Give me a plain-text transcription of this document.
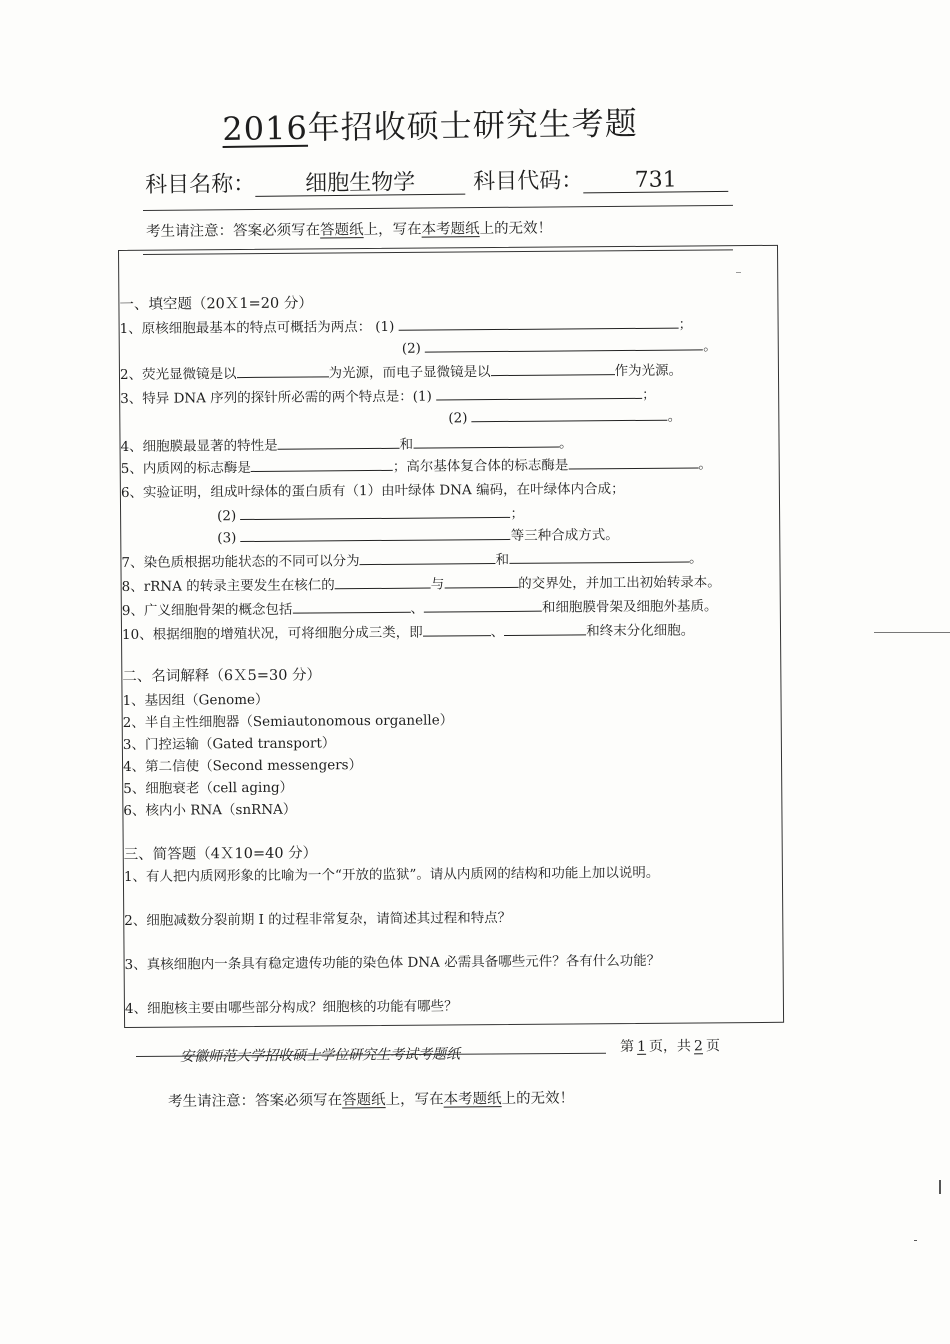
2016年招收硕士研究生考题
科目名称： 细胞生物学	科目代码： 731
考生请注意：答案必须写在答题纸上，写在本考题纸上的无效！
一、填空题（20Ｘ1=20 分）
1、原核细胞最基本的特点可概括为两点： (1)	；
(2)	。
2、荧光显微镜是以	为光源，而电子显微镜是以	作为光源。
3、特异 DNA 序列的探针所必需的两个特点是：(1)	；
(2)	。
4、细胞膜最显著的特性是	和	。
5、内质网的标志酶是	；高尔基体复合体的标志酶是	。
6、实验证明，组成叶绿体的蛋白质有（1）由叶绿体 DNA 编码，在叶绿体内合成；
(2)	；
(3)	等三种合成方式。
7、染色质根据功能状态的不同可以分为	和	。
8、rRNA 的转录主要发生在核仁的	与	的交界处，并加工出初始转录本。
9、广义细胞骨架的概念包括	、	和细胞膜骨架及细胞外基质。
10、根据细胞的增殖状况，可将细胞分成三类，即	、	和终末分化细胞。
二、名词解释（6Ｘ5=30 分）
1、基因组（Genome）
2、半自主性细胞器（Semiautonomous organelle）
3、门控运输（Gated transport）
4、第二信使（Second messengers）
5、细胞衰老（cell aging）
6、核内小 RNA（snRNA）
三、简答题（4Ｘ10=40 分）
1、有人把内质网形象的比喻为一个“开放的监狱”。请从内质网的结构和功能上加以说明。
2、细胞减数分裂前期 I 的过程非常复杂，请简述其过程和特点？
3、真核细胞内一条具有稳定遗传功能的染色体 DNA 必需具备哪些元件？各有什么功能？
4、细胞核主要由哪些部分构成？细胞核的功能有哪些？
安徽师范大学招收硕士学位研究生考试考题纸	第 1 页，共 2 页
考生请注意：答案必须写在答题纸上，写在本考题纸上的无效！
